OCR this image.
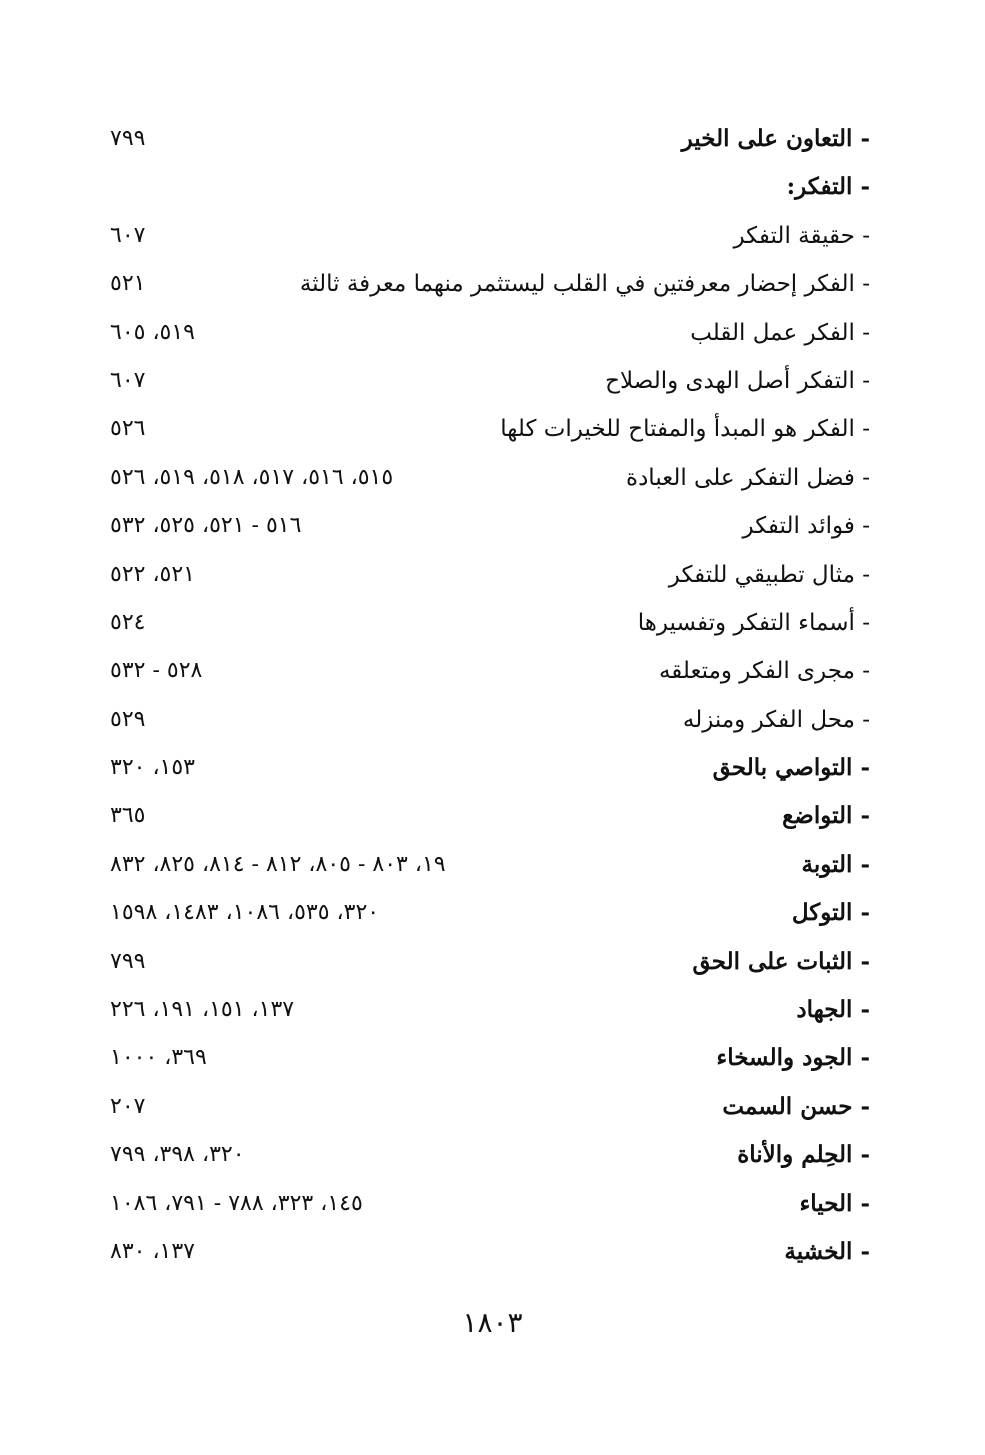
- التعاون على الخير
٧٩٩
- التفكر:
- حقيقة التفكر
٦٠٧
- الفكر إحضار معرفتين في القلب ليستثمر منهما معرفة ثالثة
٥٢١
- الفكر عمل القلب
٥١٩، ٦٠٥
- التفكر أصل الهدى والصلاح
٦٠٧
- الفكر هو المبدأ والمفتاح للخيرات كلها
٥٢٦
- فضل التفكر على العبادة
٥١٥، ٥١٦، ٥١٧، ٥١٨، ٥١٩، ٥٢٦
- فوائد التفكر
٥١٦ - ٥٢١، ٥٢٥، ٥٣٢
- مثال تطبيقي للتفكر
٥٢١، ٥٢٢
- أسماء التفكر وتفسيرها
٥٢٤
- مجرى الفكر ومتعلقه
٥٢٨ - ٥٣٢
- محل الفكر ومنزله
٥٢٩
- التواصي بالحق
١٥٣، ٣٢٠
- التواضع
٣٦٥
- التوبة
١٩، ٨٠٣ - ٨٠٥، ٨١٢ - ٨١٤، ٨٢٥، ٨٣٢
- التوكل
٣٢٠، ٥٣٥، ١٠٨٦، ١٤٨٣، ١٥٩٨
- الثبات على الحق
٧٩٩
- الجهاد
١٣٧، ١٥١، ١٩١، ٢٢٦
- الجود والسخاء
٣٦٩، ١٠٠٠
- حسن السمت
٢٠٧
- الحِلم والأناة
٣٢٠، ٣٩٨، ٧٩٩
- الحياء
١٤٥، ٣٢٣، ٧٨٨ - ٧٩١، ١٠٨٦
- الخشية
١٣٧، ٨٣٠
١٨٠٣
